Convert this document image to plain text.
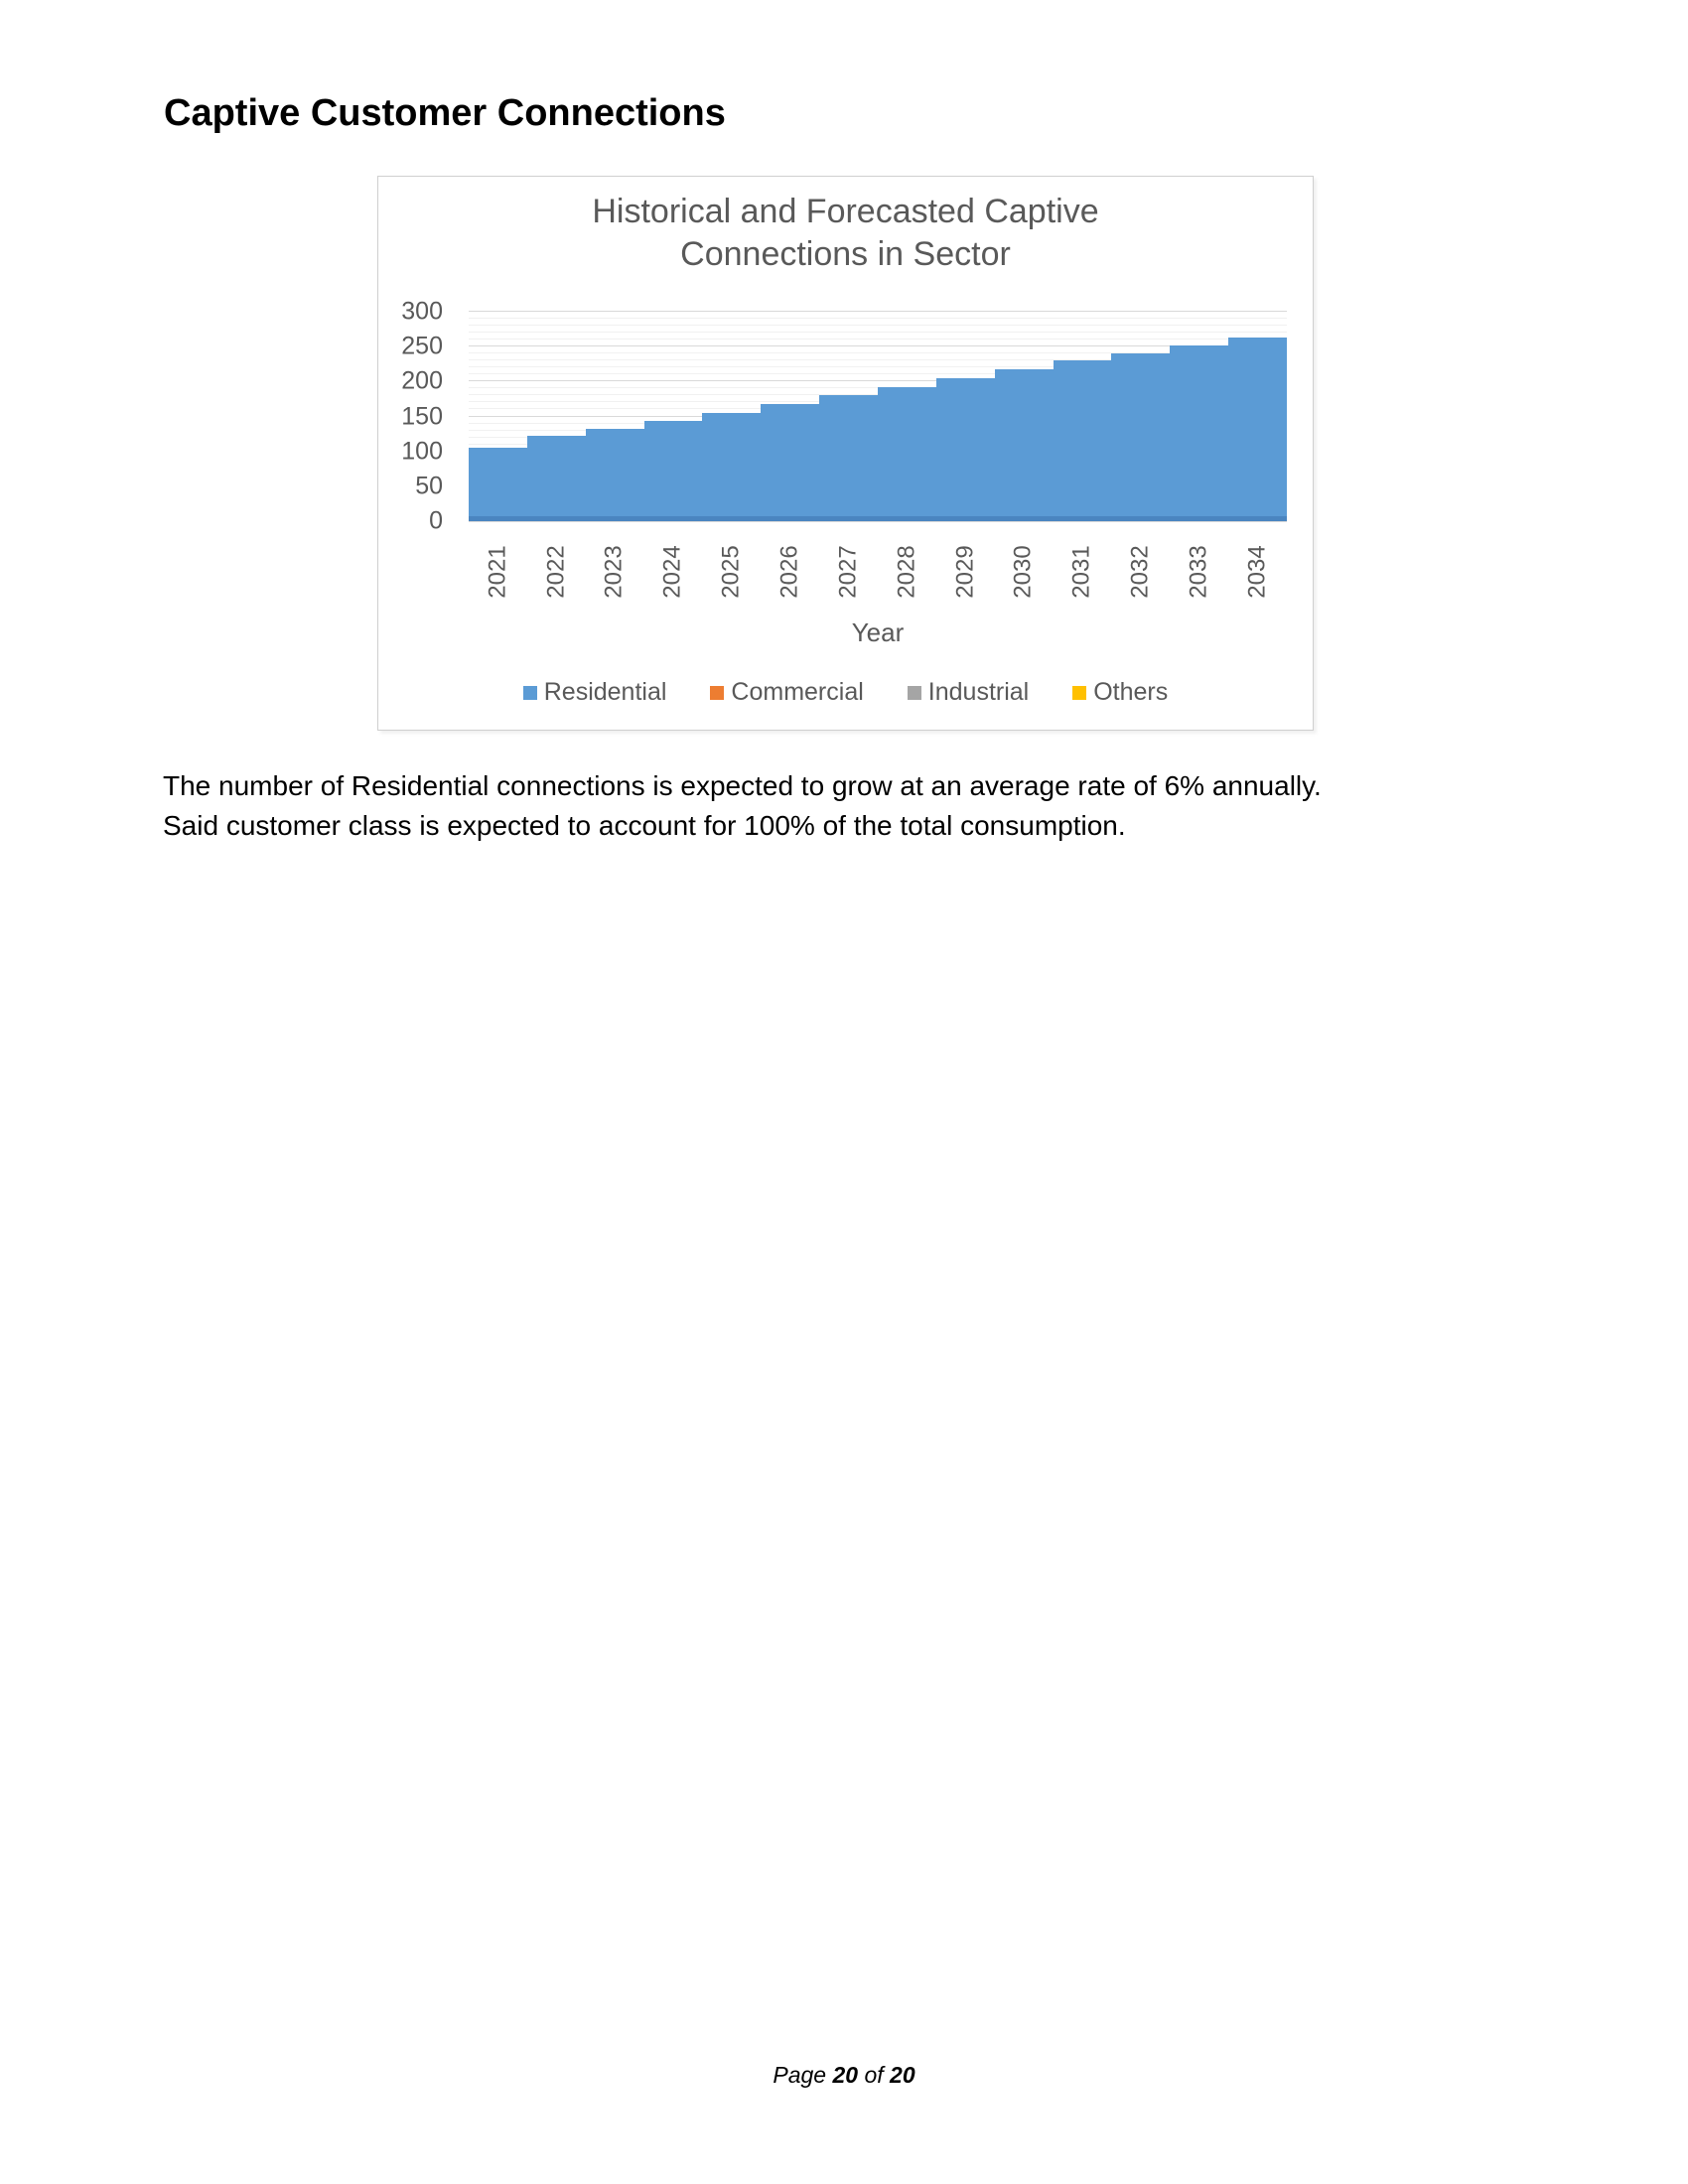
Captive Customer Connections
Historical and Forecasted Captive
Connections in Sector
0
50
100
150
200
250
300
2021 2022 2023 2024 2025 2026 2027 2028 2029 2030 2031 2032 2033 2034
Year
Residential	Commercial	Industrial	Others
The number of Residential connections is expected to grow at an average rate of 6% annually.
Said customer class is expected to account for 100% of the total consumption.
Page 20 of 20
